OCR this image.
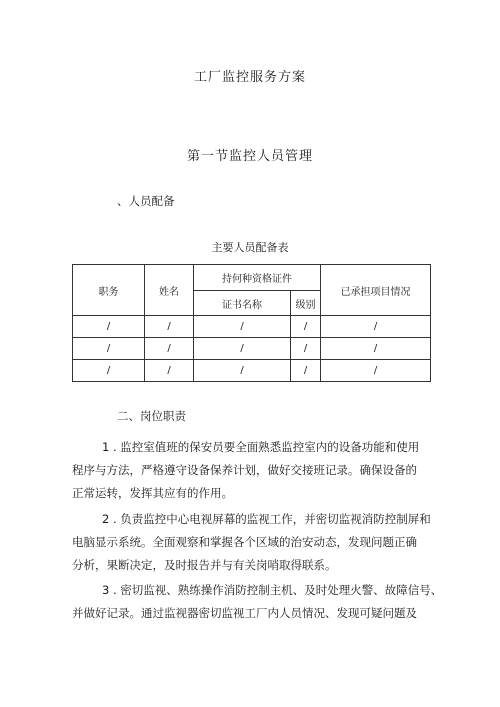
工厂监控服务方案
第一节监控人员管理
、人员配备
主要人员配备表
职务	姓名	持何种资格证件		已承担项目情况
		证书名称	级别	
/	/	/	/	/
/	/	/	/	/
/	/	/	/	/
二、岗位职责
1 . 监控室值班的保安员要全面熟悉监控室内的设备功能和使用
程序与方法，严格遵守设备保养计划，做好交接班记录。确保设备的
正常运转，发挥其应有的作用。
2 . 负责监控中心电视屏幕的监视工作，并密切监视消防控制屏和
电脑显示系统。全面观察和掌握各个区域的治安动态，发现问题正确
分析，果断决定，及时报告并与有关岗哨取得联系。
3 . 密切监视、熟练操作消防控制主机、及时处理火警、故障信号、
并做好记录。通过监视器密切监视工厂内人员情况、发现可疑问题及
